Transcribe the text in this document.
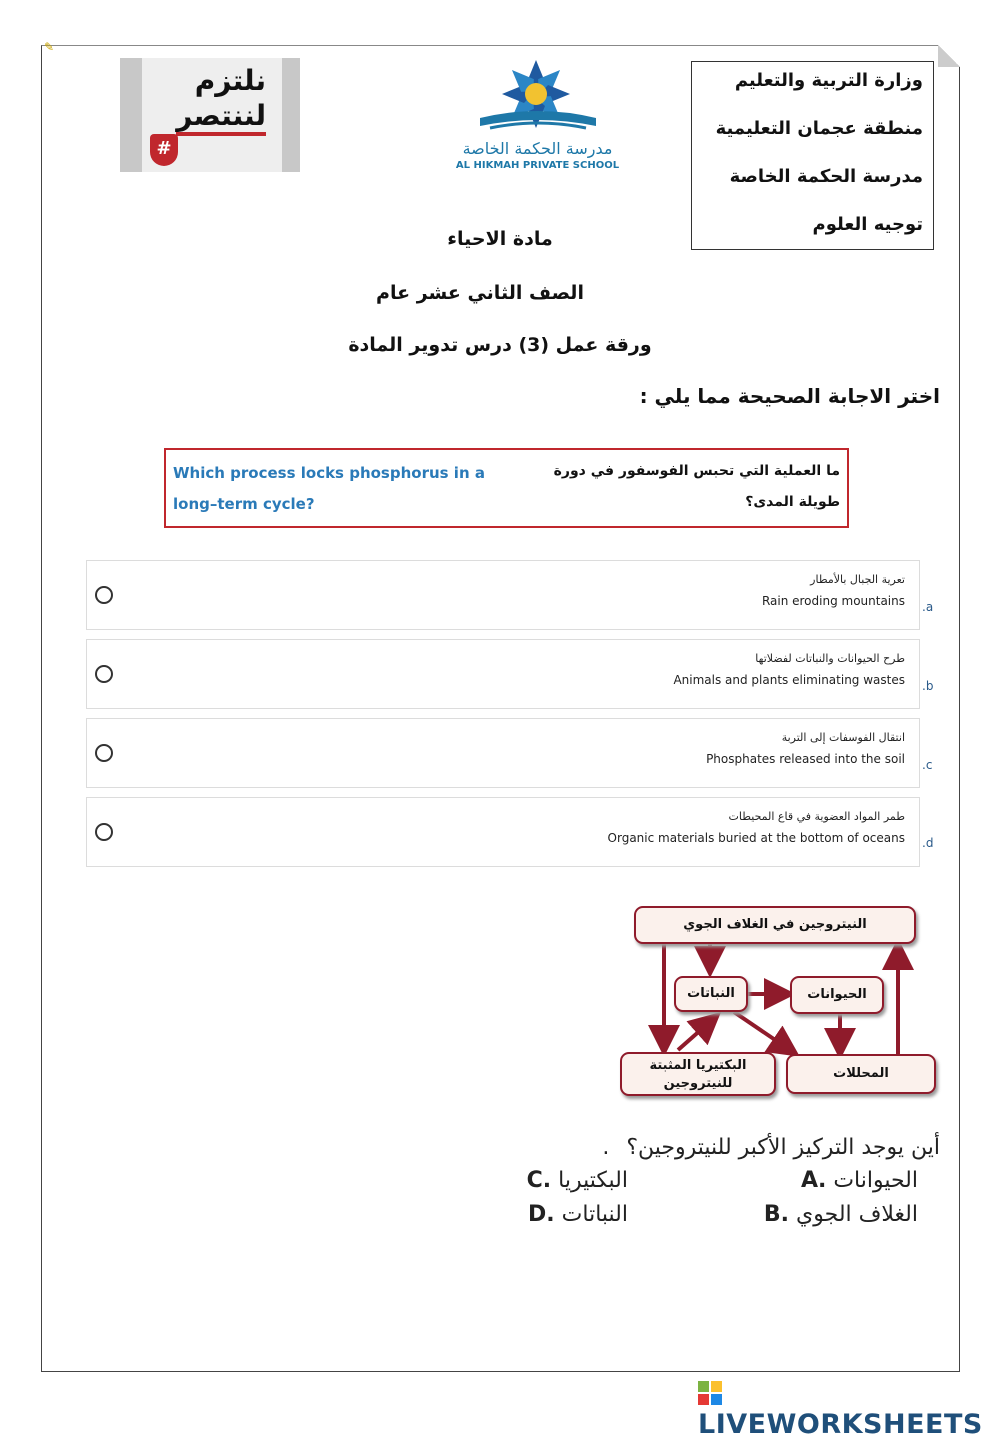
✎
نلتزم
لننتصر
#	مدرسة الحكمة الخاصة
AL HIKMAH PRIVATE SCHOOL
وزارة التربية والتعليم
منطقة عجمان التعليمية
مدرسة الحكمة الخاصة
توجيه العلوم
مادة الاحياء
الصف الثاني عشر عام
ورقة عمل (3) درس تدوير المادة
اختر الاجابة الصحيحة مما يلي :
Which process locks phosphorus in a long–term cycle?
ما العملية التي تحبس الفوسفور في دورة طويلة المدى؟
تعرية الجبال بالأمطار
Rain eroding mountains .a
طرح الحيوانات والنباتات لفضلاتها
Animals and plants eliminating wastes .b
انتقال الفوسفات إلى التربة
Phosphates released into the soil .c
طمر المواد العضوية في قاع المحيطات
Organic materials buried at the bottom of oceans .d
النيتروجين في الغلاف الجوي
النباتات	الحيوانات
البكتيريا المثبتة للنيتروجين
المحللات
أين يوجد التركيز الأكبر للنيتروجين؟ .
الحيوانات .A
الغلاف الجوي .B
البكتيريا .C
النباتات .D
LIVEWORKSHEETS
